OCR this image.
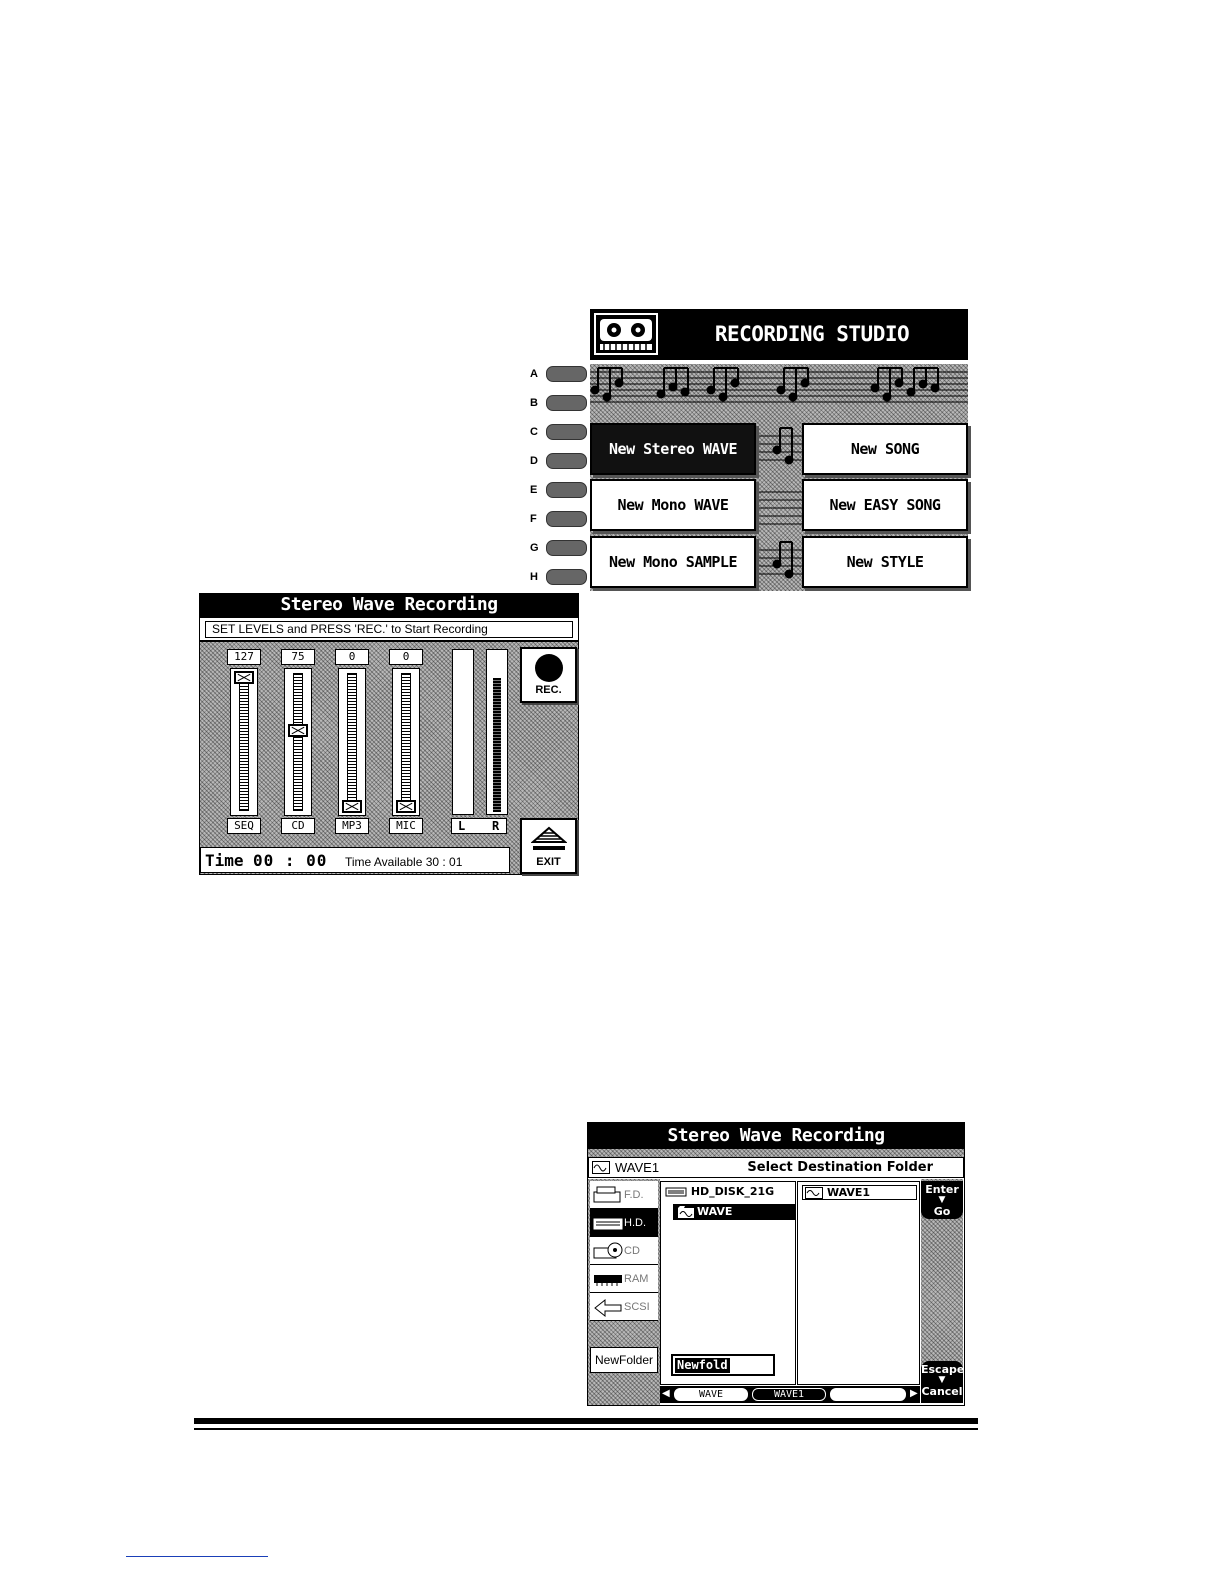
RECORDING STUDIO
New Stereo WAVE	New SONG
New Mono WAVE	New EASY SONG
New Mono SAMPLE	New STYLE
A
B
C
D
E
F
G
H
Stereo Wave Recording
SET LEVELS and PRESS 'REC.' to Start Recording
127
SEQ
75
CD
0
MP3
0
MIC	L R
REC.
EXIT
Time 00 : 00 Time Available 30 : 01
Stereo Wave Recording
WAVE1	Select Destination Folder
F.D.
H.D.
CD
RAM
SCSI
NewFolder
HD_DISK_21G
WAVE
Newfold
WAVE1	Enter
▼
Go
Escape
▼
Cancel
◀	WAVE	WAVE1	▶
